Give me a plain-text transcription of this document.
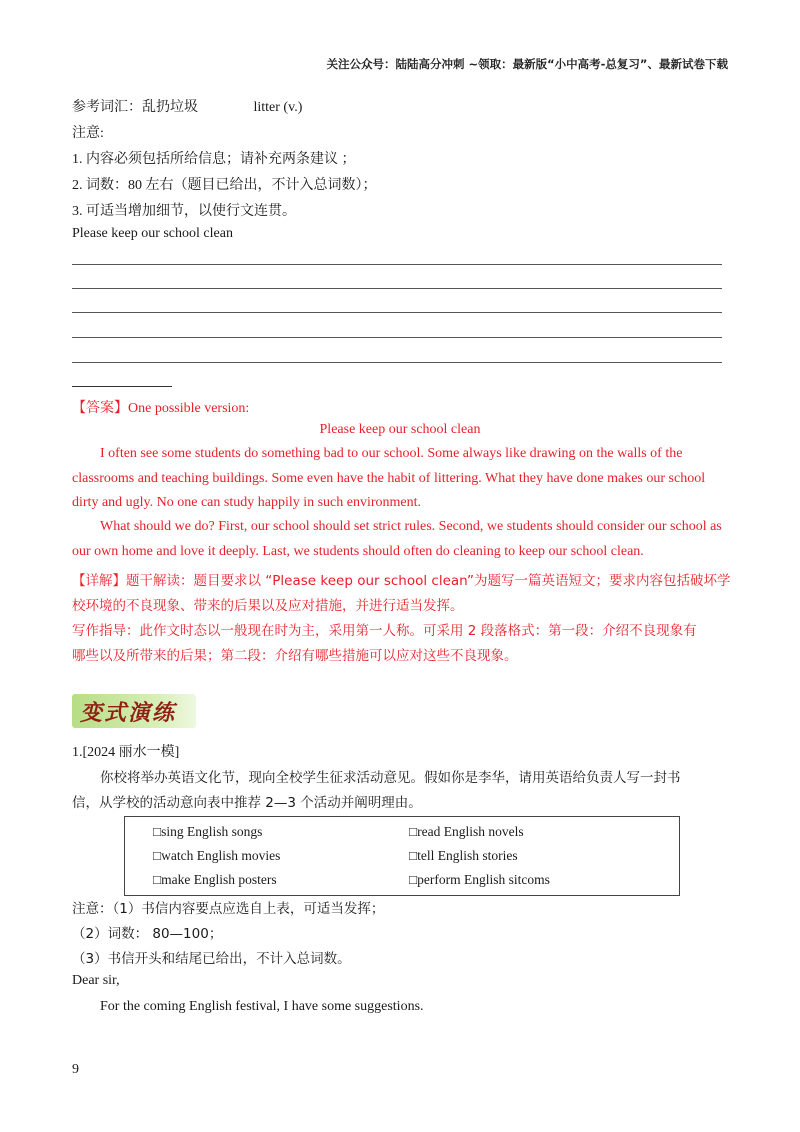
关注公众号：陆陆高分冲刺 ~领取：最新版“小中高考-总复习”、最新试卷下载
参考词汇：乱扔垃圾	litter (v.)
注意:
1. 内容必须包括所给信息；请补充两条建议 ；
2. 词数：80 左右（题目已给出，不计入总词数）；
3. 可适当增加细节，以使行文连贯。
Please keep our school clean
【答案】One possible version:
Please keep our school clean
I often see some students do something bad to our school. Some always like drawing on the walls of the classrooms and teaching buildings. Some even have the habit of littering. What they have done makes our school dirty and ugly. No one can study happily in such environment.
What should we do? First, our school should set strict rules. Second, we students should consider our school as our own home and love it deeply. Last, we students should often do cleaning to keep our school clean.
【详解】题干解读：题目要求以 “Please keep our school clean”为题写一篇英语短文；要求内容包括破坏学
校环境的不良现象、带来的后果以及应对措施，并进行适当发挥。
写作指导：此作文时态以一般现在时为主，采用第一人称。可采用 2 段落格式：第一段：介绍不良现象有
哪些以及所带来的后果；第二段：介绍有哪些措施可以应对这些不良现象。
变式演练
1.[2024 丽水一模]
你校将举办英语文化节，现向全校学生征求活动意见。假如你是李华，请用英语给负责人写一封书
信，从学校的活动意向表中推荐 2—3 个活动并阐明理由。
□sing English songs	□read English novels
□watch English movies	□tell English stories
□make English posters	□perform English sitcoms
注意：（1）书信内容要点应选自上表，可适当发挥；
（2）词数： 80—100；
（3）书信开头和结尾已给出，不计入总词数。
Dear sir,
For the coming English festival, I have some suggestions.
9
